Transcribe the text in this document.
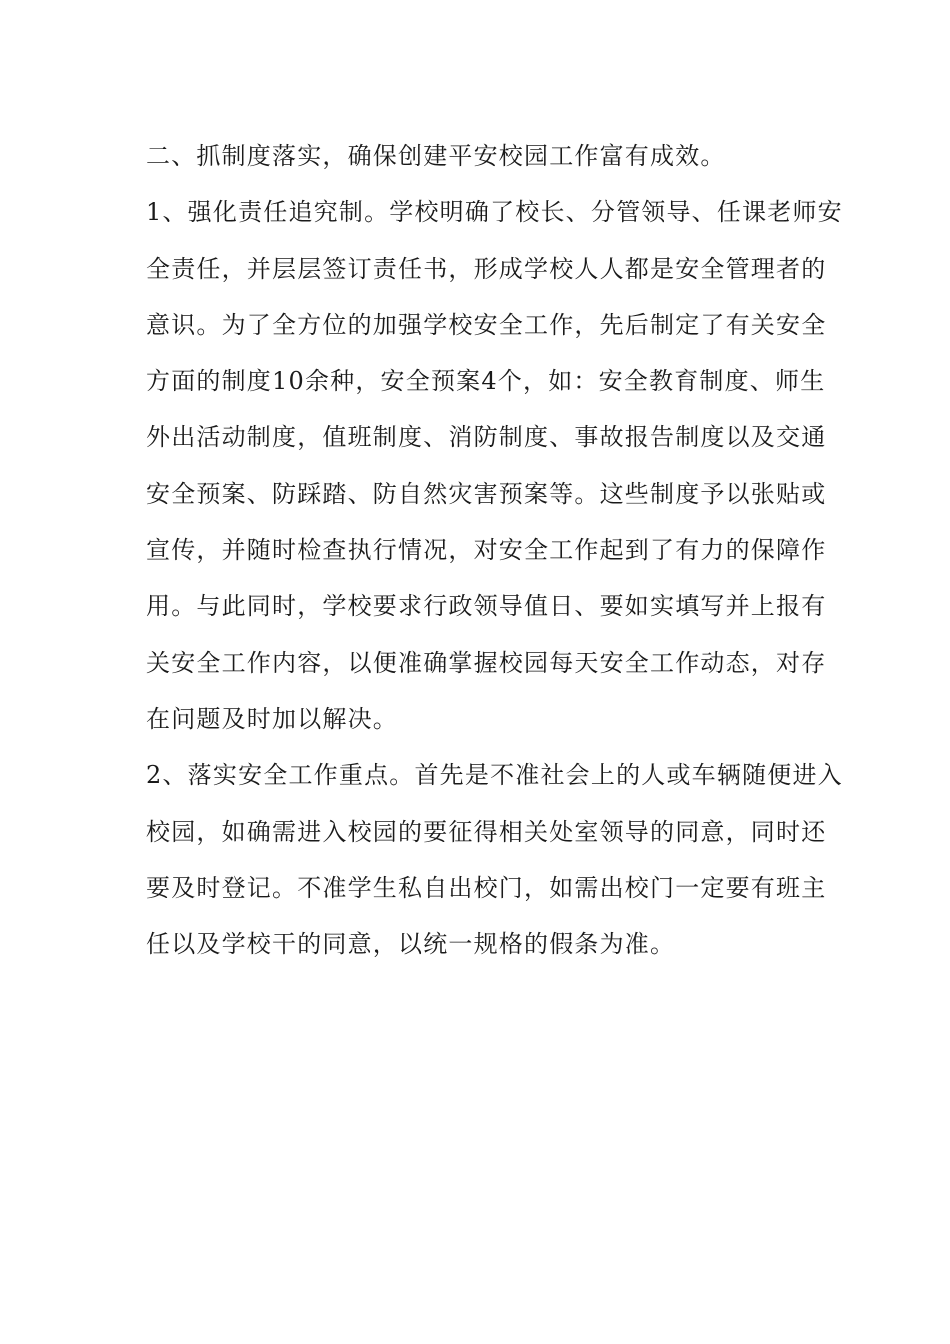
二、抓制度落实，确保创建平安校园工作富有成效。
1、强化责任追究制。学校明确了校长、分管领导、任课老师安
全责任，并层层签订责任书，形成学校人人都是安全管理者的
意识。为了全方位的加强学校安全工作，先后制定了有关安全
方面的制度10余种，安全预案4个，如：安全教育制度、师生
外出活动制度，值班制度、消防制度、事故报告制度以及交通
安全预案、防踩踏、防自然灾害预案等。这些制度予以张贴或
宣传，并随时检查执行情况，对安全工作起到了有力的保障作
用。与此同时，学校要求行政领导值日、要如实填写并上报有
关安全工作内容，以便准确掌握校园每天安全工作动态，对存
在问题及时加以解决。
2、落实安全工作重点。首先是不准社会上的人或车辆随便进入
校园，如确需进入校园的要征得相关处室领导的同意，同时还
要及时登记。不准学生私自出校门，如需出校门一定要有班主
任以及学校干的同意，以统一规格的假条为准。
